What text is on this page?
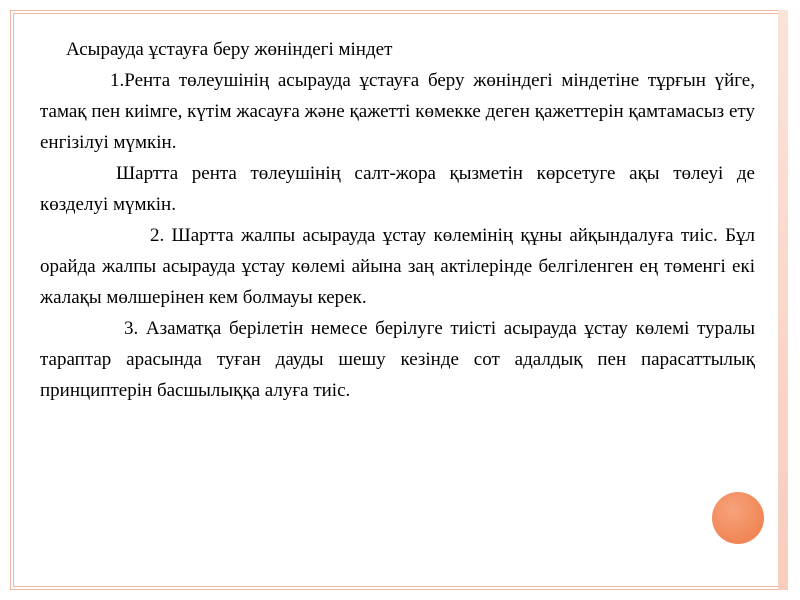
Асырауда ұстауға беру жөніндегі міндет

1.Рента төлеушінің асырауда ұстауға беру жөніндегі міндетіне тұрғын үйге, тамақ пен киімге, күтім жасауға және қажетті көмекке деген қажеттерін қамтамасыз ету енгізілуі мүмкін.

Шартта рента төлеушінің салт-жора қызметін көрсетуге ақы төлеуі де көзделуі мүмкін.

2. Шартта жалпы асырауда ұстау көлемінің құны айқындалуға тиіс. Бұл орайда жалпы асырауда ұстау көлемі айына заң актілерінде белгіленген ең төменгі екі жалақы мөлшерінен кем болмауы керек.

3. Азаматқа берілетін немесе берілуге тиісті асырауда ұстау көлемі туралы тараптар арасында туған дауды шешу кезінде сот адалдық пен парасаттылық принциптерін басшылыққа алуға тиіс.
